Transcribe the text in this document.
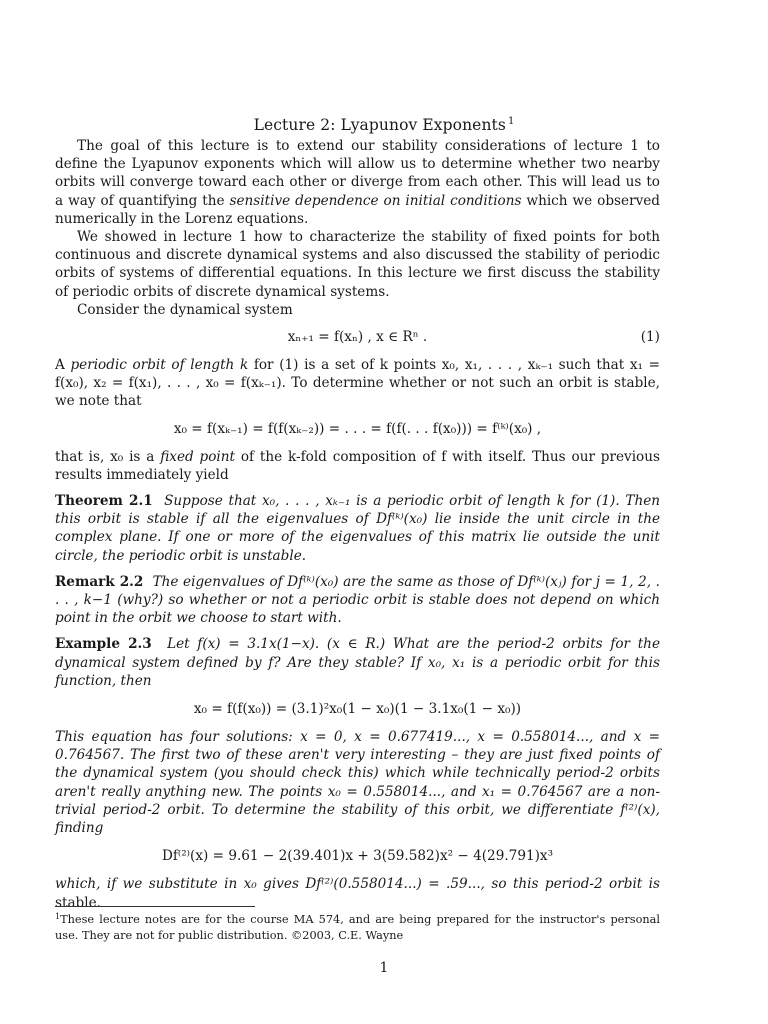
Lecture 2: Lyapunov Exponents $^1$

The goal of this lecture is to extend our stability considerations of lecture 1 to define the Lyapunov exponents which will allow us to determine whether two nearby orbits will converge toward each other or diverge from each other. This will lead us to a way of quantifying the sensitive dependence on initial conditions which we observed numerically in the Lorenz equations.

We showed in lecture 1 how to characterize the stability of fixed points for both continuous and discrete dynamical systems and also discussed the stability of periodic orbits of systems of differential equations. In this lecture we first discuss the stability of periodic orbits of discrete dynamical systems.

Consider the dynamical system

xₙ₊₁ = f(xₙ) , x ∈ Rⁿ .	(1)

A periodic orbit of length k for (1) is a set of k points x₀, x₁, . . . , xₖ₋₁ such that x₁ = f(x₀), x₂ = f(x₁), . . . , x₀ = f(xₖ₋₁). To determine whether or not such an orbit is stable, we note that

x₀ = f(xₖ₋₁) = f(f(xₖ₋₂)) = . . . = f(f(. . . f(x₀))) = f⁽ᵏ⁾(x₀) ,

that is, x₀ is a fixed point of the k-fold composition of f with itself. Thus our previous results immediately yield

Theorem 2.1 Suppose that x₀, . . . , xₖ₋₁ is a periodic orbit of length k for (1). Then this orbit is stable if all the eigenvalues of Df⁽ᵏ⁾(x₀) lie inside the unit circle in the complex plane. If one or more of the eigenvalues of this matrix lie outside the unit circle, the periodic orbit is unstable.

Remark 2.2 The eigenvalues of Df⁽ᵏ⁾(x₀) are the same as those of Df⁽ᵏ⁾(xⱼ) for j = 1, 2, . . . , k−1 (why?) so whether or not a periodic orbit is stable does not depend on which point in the orbit we choose to start with.

Example 2.3 Let f(x) = 3.1x(1−x). (x ∈ R.) What are the period-2 orbits for the dynamical system defined by f? Are they stable? If x₀, x₁ is a periodic orbit for this function, then

x₀ = f(f(x₀)) = (3.1)²x₀(1 − x₀)(1 − 3.1x₀(1 − x₀))

This equation has four solutions: x = 0, x = 0.677419..., x = 0.558014..., and x = 0.764567. The first two of these aren't very interesting – they are just fixed points of the dynamical system (you should check this) which while technically period-2 orbits aren't really anything new. The points x₀ = 0.558014..., and x₁ = 0.764567 are a non-trivial period-2 orbit. To determine the stability of this orbit, we differentiate f⁽²⁾(x), finding

Df⁽²⁾(x) = 9.61 − 2(39.401)x + 3(59.582)x² − 4(29.791)x³

which, if we substitute in x₀ gives Df⁽²⁾(0.558014...) = .59..., so this period-2 orbit is stable.

$^1$These lecture notes are for the course MA 574, and are being prepared for the instructor's personal use. They are not for public distribution. ©2003, C.E. Wayne
1
